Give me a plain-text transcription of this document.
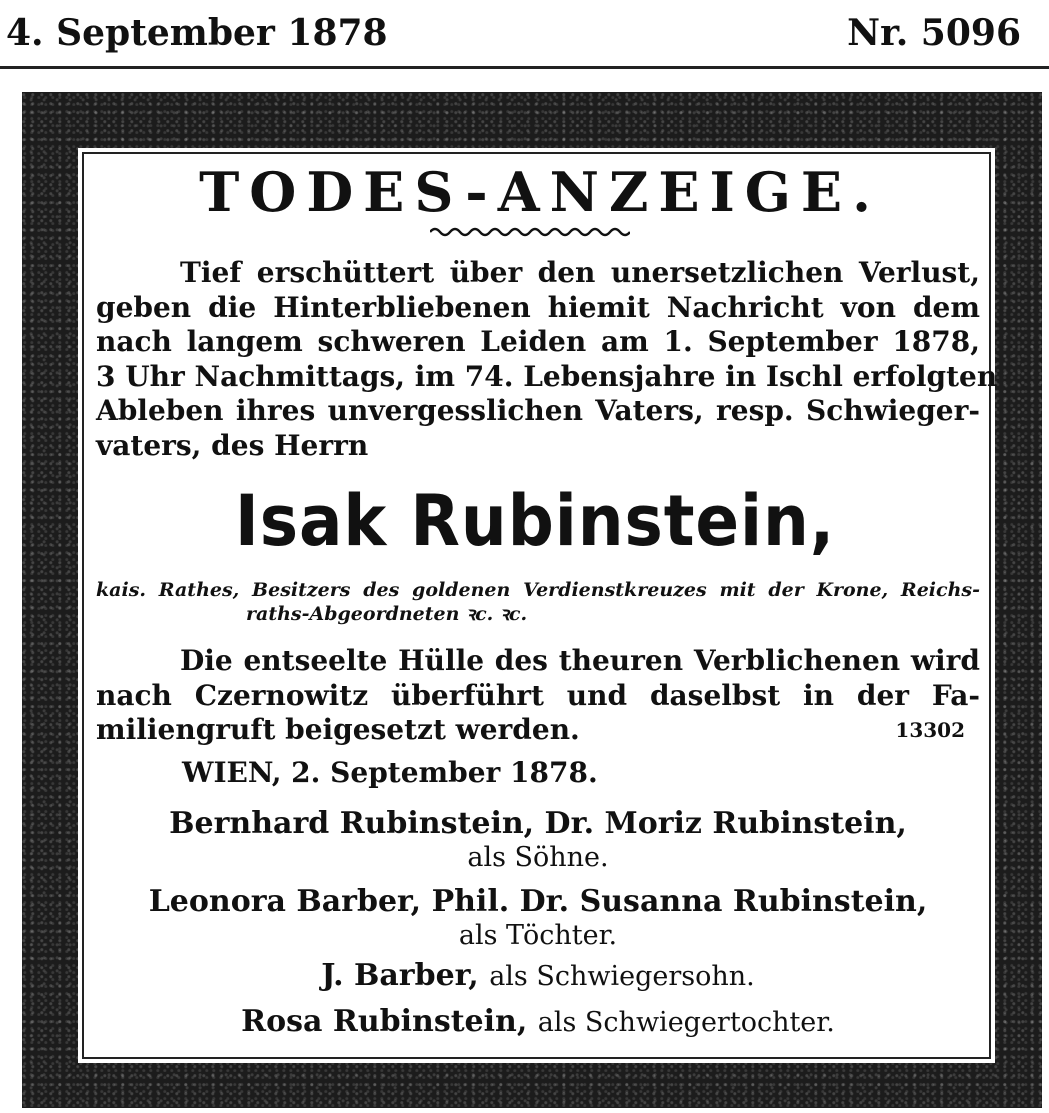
4. September 1878	Nr. 5096
TODES-ANZEIGE.
Tief erschüttert über den unersetzlichen Verlust,
geben die Hinterbliebenen hiemit Nachricht von dem
nach langem schweren Leiden am 1. September 1878,
3 Uhr Nachmittags, im 74. Lebensjahre in Ischl erfolgten
Ableben ihres unvergesslichen Vaters, resp. Schwieger-
vaters, des Herrn
Isak Rubinstein,
kais. Rathes, Besitzers des goldenen Verdienstkreuzes mit der Krone, Reichs-
raths-Abgeordneten ꝛc. ꝛc.
Die entseelte Hülle des theuren Verblichenen wird
nach Czernowitz überführt und daselbst in der Fa-
miliengruft beigesetzt werden.	13302
WIEN, 2. September 1878.
Bernhard Rubinstein, Dr. Moriz Rubinstein,
als Söhne.
Leonora Barber, Phil. Dr. Susanna Rubinstein,
als Töchter.
J. Barber, als Schwiegersohn.
Rosa Rubinstein, als Schwiegertochter.
